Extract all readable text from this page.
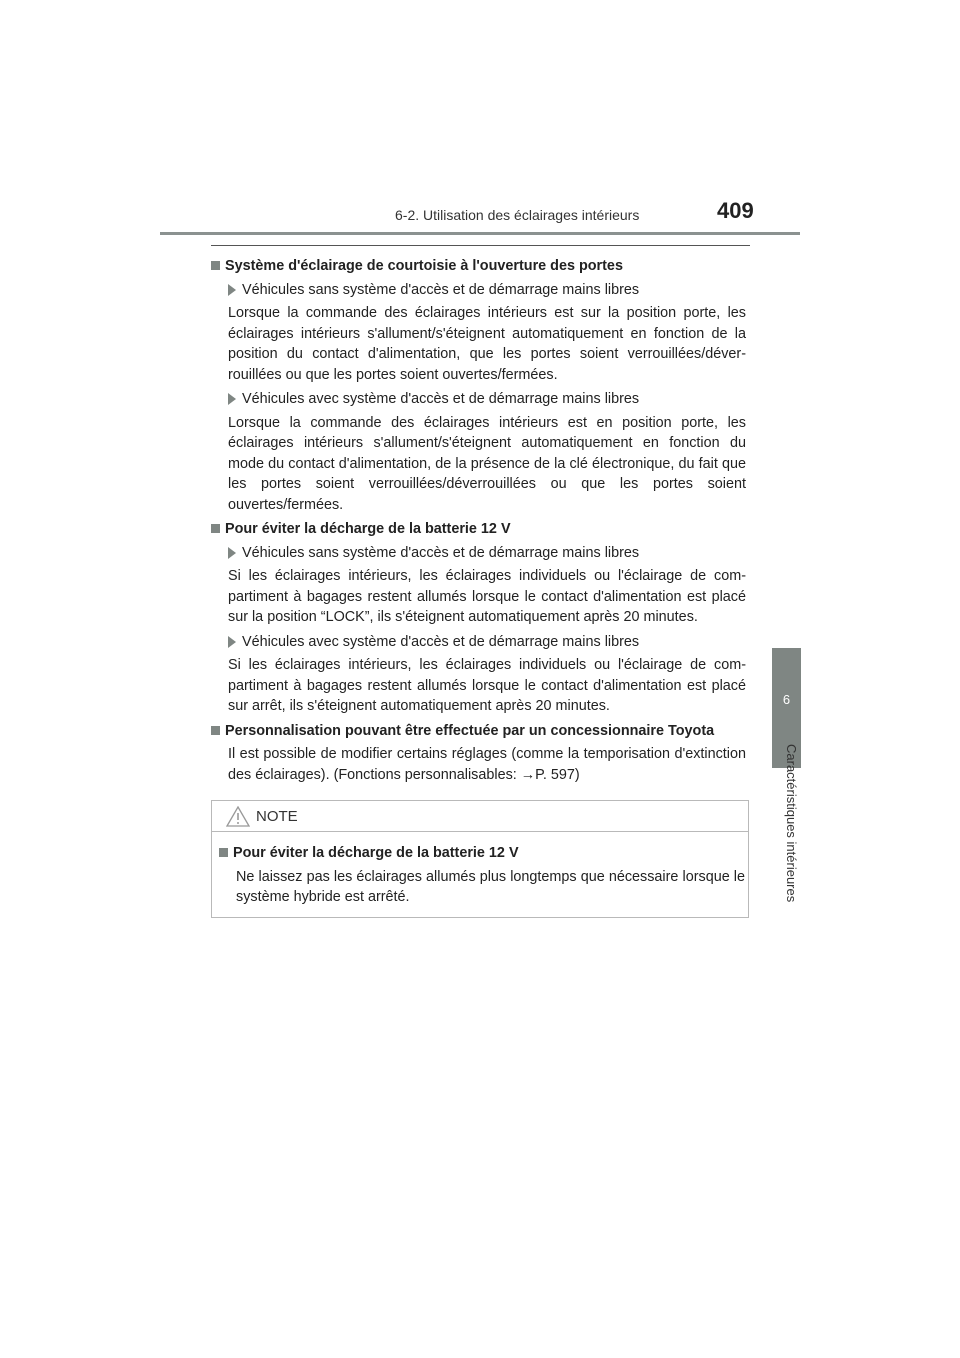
6-2. Utilisation des éclairages intérieurs	409
6
Caractéristiques intérieures
Système d'éclairage de courtoisie à l'ouverture des portes
Véhicules sans système d'accès et de démarrage mains libres
Lorsque la commande des éclairages intérieurs est sur la position porte, les éclairages intérieurs s'allument/s'éteignent automatiquement en fonction de la position du contact d'alimentation, que les portes soient verrouillées/déver-rouillées ou que les portes soient ouvertes/fermées.
Véhicules avec système d'accès et de démarrage mains libres
Lorsque la commande des éclairages intérieurs est en position porte, les éclairages intérieurs s'allument/s'éteignent automatiquement en fonction du mode du contact d'alimentation, de la présence de la clé électronique, du fait que les portes soient verrouillées/déverrouillées ou que les portes soient ouvertes/fermées.
Pour éviter la décharge de la batterie 12 V
Véhicules sans système d'accès et de démarrage mains libres
Si les éclairages intérieurs, les éclairages individuels ou l'éclairage de com-partiment à bagages restent allumés lorsque le contact d'alimentation est placé sur la position “LOCK”, ils s'éteignent automatiquement après 20 minutes.
Véhicules avec système d'accès et de démarrage mains libres
Si les éclairages intérieurs, les éclairages individuels ou l'éclairage de com-partiment à bagages restent allumés lorsque le contact d'alimentation est placé sur arrêt, ils s'éteignent automatiquement après 20 minutes.
Personnalisation pouvant être effectuée par un concessionnaire Toyota
Il est possible de modifier certains réglages (comme la temporisation d'extinction des éclairages). (Fonctions personnalisables: →P. 597)
NOTE
Pour éviter la décharge de la batterie 12 V
Ne laissez pas les éclairages allumés plus longtemps que nécessaire lorsque le système hybride est arrêté.
